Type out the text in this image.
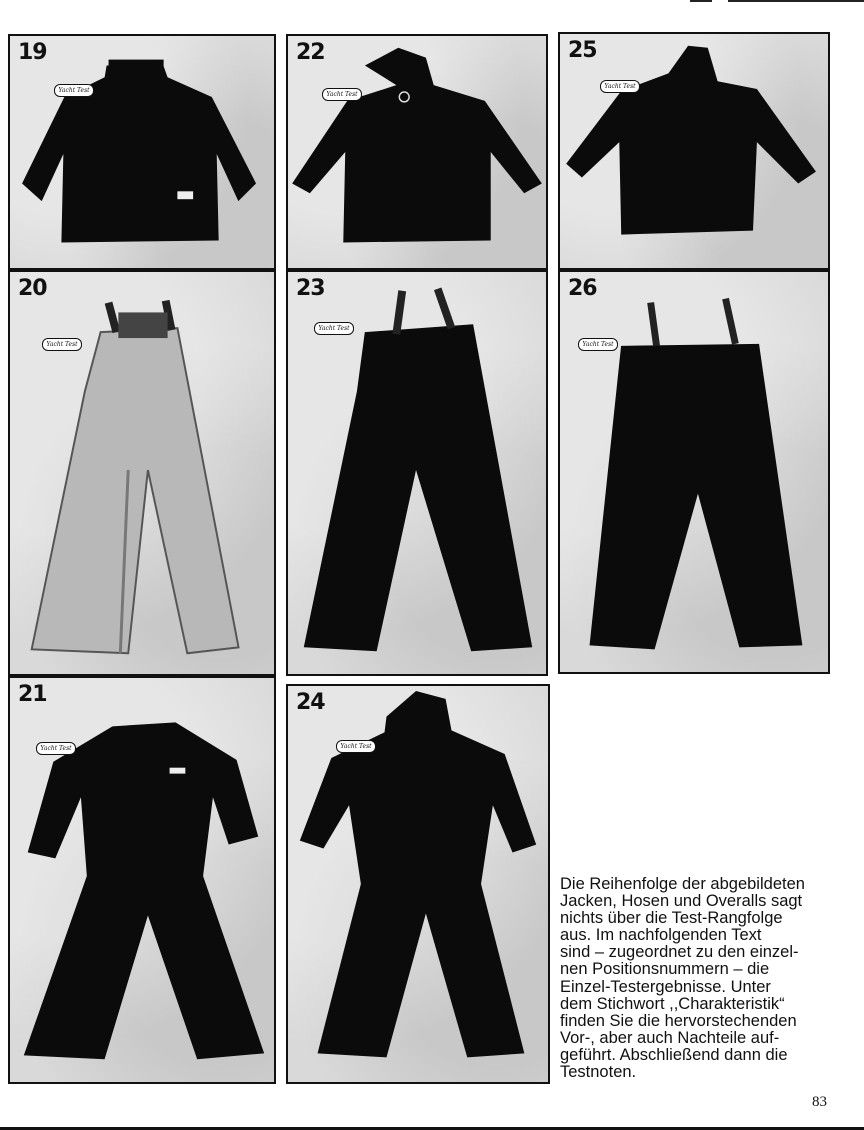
19
Yacht Test
22
Yacht Test
25
Yacht Test
20
Yacht Test
23
Yacht Test
26
Yacht Test
21
Yacht Test
24
Yacht Test
Die Reihenfolge der abgebildeten
Jacken, Hosen und Overalls sagt
nichts über die Test-Rangfolge
aus. Im nachfolgenden Text
sind – zugeordnet zu den einzel-
nen Positionsnummern – die
Einzel-Testergebnisse. Unter
dem Stichwort ,,Charakteristik“
finden Sie die hervorstechenden
Vor-, aber auch Nachteile auf-
geführt. Abschließend dann die
Testnoten.
83
